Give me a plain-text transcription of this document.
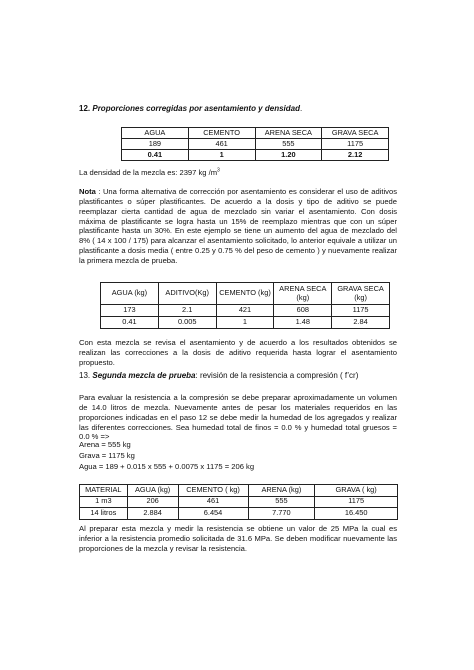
12. Proporciones corregidas por asentamiento y densidad.
AGUA	CEMENTO	ARENA SECA	GRAVA SECA
189	461	555	1175
0.41	1	1.20	2.12
La densidad de la mezcla es: 2397 kg $/m^3$
Nota : Una forma alternativa de corrección por asentamiento es considerar el uso de aditivos plastificantes o súper plastificantes. De acuerdo a la dosis y tipo de aditivo se puede reemplazar cierta cantidad de agua de mezclado sin variar el asentamiento. Con dosis máxima de plastificante se logra hasta un 15% de reemplazo mientras que con un súper plastificante hasta un 30%. En este ejemplo se tiene un aumento del agua de mezclado del 8% ( 14 x 100 / 175) para alcanzar el asentamiento solicitado, lo anterior equivale a utilizar un plastificante a dosis media ( entre 0.25 y 0.75 % del peso de cemento ) y nuevamente realizar la primera mezcla de prueba.
AGUA (kg)	ADITIVO(Kg)	CEMENTO (kg)	ARENA SECA (kg)	GRAVA SECA (kg)
173	2.1	421	608	1175
0.41	0.005	1	1.48	2.84
Con esta mezcla se revisa el asentamiento y de acuerdo a los resultados obtenidos se realizan las correcciones a la dosis de aditivo requerida hasta lograr el asentamiento propuesto.
13. Segunda mezcla de prueba: revisión de la resistencia a compresión ( f’cr)
Para evaluar la resistencia a la compresión se debe preparar aproximadamente un volumen de 14.0 litros de mezcla. Nuevamente antes de pesar los materiales requeridos en las proporciones indicadas en el paso 12 se debe medir la humedad de los agregados y realizar las diferentes correcciones. Sea humedad total de finos = 0.0 % y humedad total gruesos = 0.0 % =>
Arena = 555 kg
Grava = 1175 kg
Agua = 189 + 0.015 x 555 + 0.0075 x 1175 = 206 kg
MATERIAL	AGUA (kg)	CEMENTO ( kg)	ARENA (kg)	GRAVA ( kg)
1 m3	206	461	555	1175
14 litros	2.884	6.454	7.770	16.450
Al preparar esta mezcla y medir la resistencia se obtiene un valor de 25 MPa la cual es inferior a la resistencia promedio solicitada de 31.6 MPa. Se deben modificar nuevamente las proporciones de la mezcla y revisar la resistencia.
